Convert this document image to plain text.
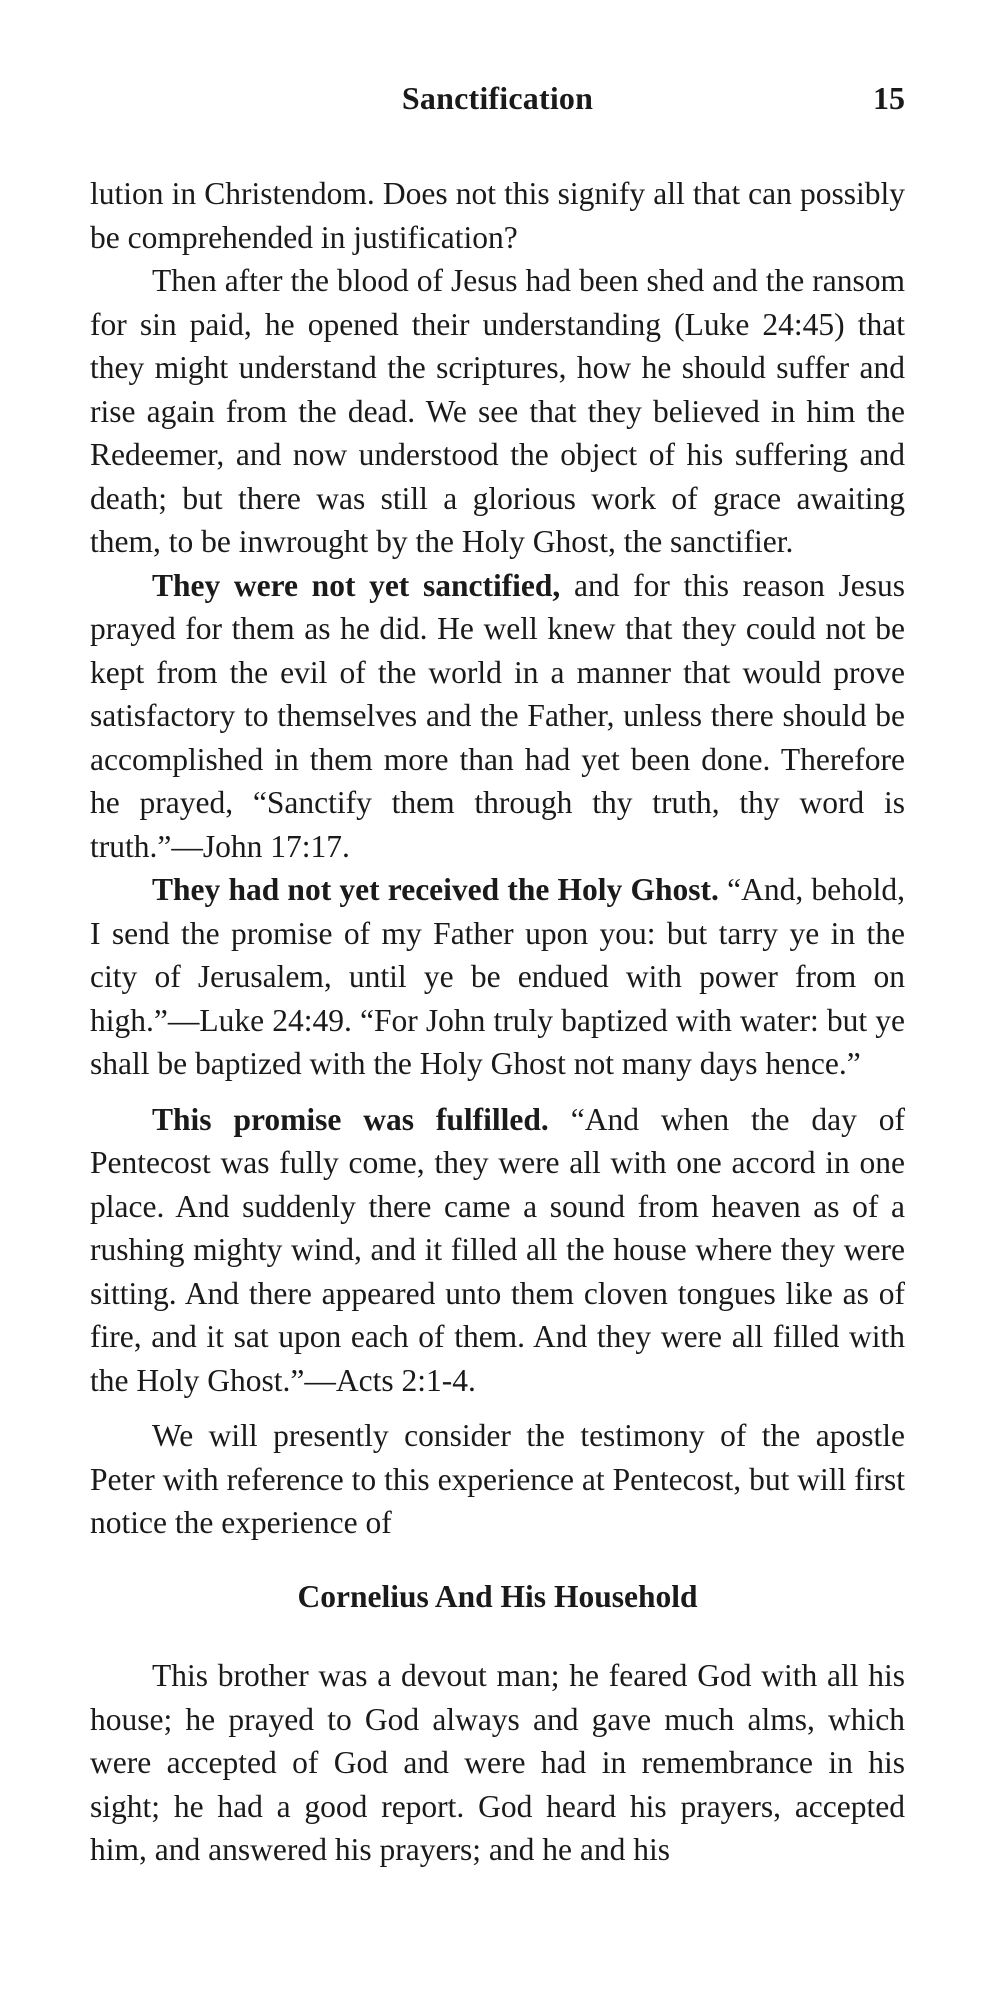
Sanctification	15

lution in Christendom. Does not this signify all that can possibly be comprehended in justification?

Then after the blood of Jesus had been shed and the ransom for sin paid, he opened their understanding (Luke 24:45) that they might understand the scriptures, how he should suffer and rise again from the dead. We see that they believed in him the Redeemer, and now understood the object of his suffering and death; but there was still a glorious work of grace awaiting them, to be inwrought by the Holy Ghost, the sanctifier.

They were not yet sanctified, and for this reason Jesus prayed for them as he did. He well knew that they could not be kept from the evil of the world in a manner that would prove satisfactory to themselves and the Father, unless there should be accomplished in them more than had yet been done. Therefore he prayed, “Sanctify them through thy truth, thy word is truth.”—John 17:17.

They had not yet received the Holy Ghost. “And, behold, I send the promise of my Father upon you: but tarry ye in the city of Jerusalem, until ye be endued with power from on high.”—Luke 24:49. “For John truly baptized with water: but ye shall be baptized with the Holy Ghost not many days hence.”

This promise was fulfilled. “And when the day of Pentecost was fully come, they were all with one accord in one place. And suddenly there came a sound from heaven as of a rushing mighty wind, and it filled all the house where they were sitting. And there appeared unto them cloven tongues like as of fire, and it sat upon each of them. And they were all filled with the Holy Ghost.”—Acts 2:1-4.

We will presently consider the testimony of the apostle Peter with reference to this experience at Pentecost, but will first notice the experience of

Cornelius And His Household

This brother was a devout man; he feared God with all his house; he prayed to God always and gave much alms, which were accepted of God and were had in remembrance in his sight; he had a good report. God heard his prayers, accepted him, and answered his prayers; and he and his
